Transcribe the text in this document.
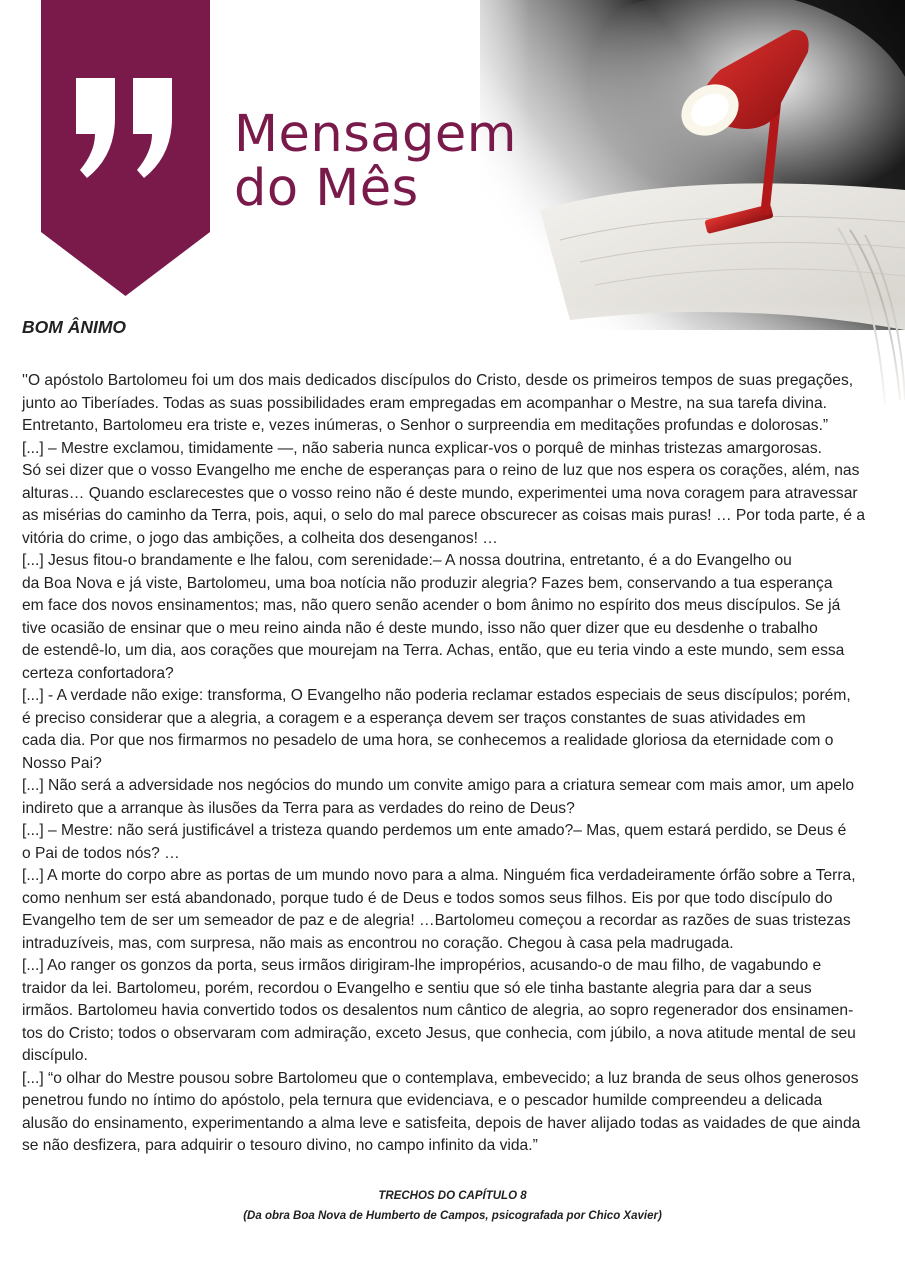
Mensagem
do Mês
BOM ÂNIMO

''O apóstolo Bartolomeu foi um dos mais dedicados discípulos do Cristo, desde os primeiros tempos de suas pregações,
junto ao Tiberíades. Todas as suas possibilidades eram empregadas em acompanhar o Mestre, na sua tarefa divina.
Entretanto, Bartolomeu era triste e, vezes inúmeras, o Senhor o surpreendia em meditações profundas e dolorosas.”

[...] – Mestre exclamou, timidamente —, não saberia nunca explicar-vos o porquê de minhas tristezas amargorosas.
Só sei dizer que o vosso Evangelho me enche de esperanças para o reino de luz que nos espera os corações, além, nas
alturas… Quando esclarecestes que o vosso reino não é deste mundo, experimentei uma nova coragem para atravessar
as misérias do caminho da Terra, pois, aqui, o selo do mal parece obscurecer as coisas mais puras! … Por toda parte, é a
vitória do crime, o jogo das ambições, a colheita dos desenganos! …

[...] Jesus fitou-o brandamente e lhe falou, com serenidade:– A nossa doutrina, entretanto, é a do Evangelho ou
da Boa Nova e já viste, Bartolomeu, uma boa notícia não produzir alegria? Fazes bem, conservando a tua esperança
em face dos novos ensinamentos; mas, não quero senão acender o bom ânimo no espírito dos meus discípulos. Se já
tive ocasião de ensinar que o meu reino ainda não é deste mundo, isso não quer dizer que eu desdenhe o trabalho
de estendê-lo, um dia, aos corações que mourejam na Terra. Achas, então, que eu teria vindo a este mundo, sem essa
certeza confortadora?

[...] - A verdade não exige: transforma, O Evangelho não poderia reclamar estados especiais de seus discípulos; porém,
é preciso considerar que a alegria, a coragem e a esperança devem ser traços constantes de suas atividades em
cada dia. Por que nos firmarmos no pesadelo de uma hora, se conhecemos a realidade gloriosa da eternidade com o
Nosso Pai?

[...] Não será a adversidade nos negócios do mundo um convite amigo para a criatura semear com mais amor, um apelo
indireto que a arranque às ilusões da Terra para as verdades do reino de Deus?

[...] – Mestre: não será justificável a tristeza quando perdemos um ente amado?– Mas, quem estará perdido, se Deus é
o Pai de todos nós? …

[...] A morte do corpo abre as portas de um mundo novo para a alma. Ninguém fica verdadeiramente órfão sobre a Terra,
como nenhum ser está abandonado, porque tudo é de Deus e todos somos seus filhos. Eis por que todo discípulo do
Evangelho tem de ser um semeador de paz e de alegria! …Bartolomeu começou a recordar as razões de suas tristezas
intraduzíveis, mas, com surpresa, não mais as encontrou no coração. Chegou à casa pela madrugada.

[...] Ao ranger os gonzos da porta, seus irmãos dirigiram-lhe impropérios, acusando-o de mau filho, de vagabundo e
traidor da lei. Bartolomeu, porém, recordou o Evangelho e sentiu que só ele tinha bastante alegria para dar a seus
irmãos. Bartolomeu havia convertido todos os desalentos num cântico de alegria, ao sopro regenerador dos ensinamen-
tos do Cristo; todos o observaram com admiração, exceto Jesus, que conhecia, com júbilo, a nova atitude mental de seu
discípulo.

[...] “o olhar do Mestre pousou sobre Bartolomeu que o contemplava, embevecido; a luz branda de seus olhos generosos
penetrou fundo no íntimo do apóstolo, pela ternura que evidenciava, e o pescador humilde compreendeu a delicada
alusão do ensinamento, experimentando a alma leve e satisfeita, depois de haver alijado todas as vaidades de que ainda
se não desfizera, para adquirir o tesouro divino, no campo infinito da vida.”

TRECHOS DO CAPÍTULO 8
(Da obra Boa Nova de Humberto de Campos, psicografada por Chico Xavier)
